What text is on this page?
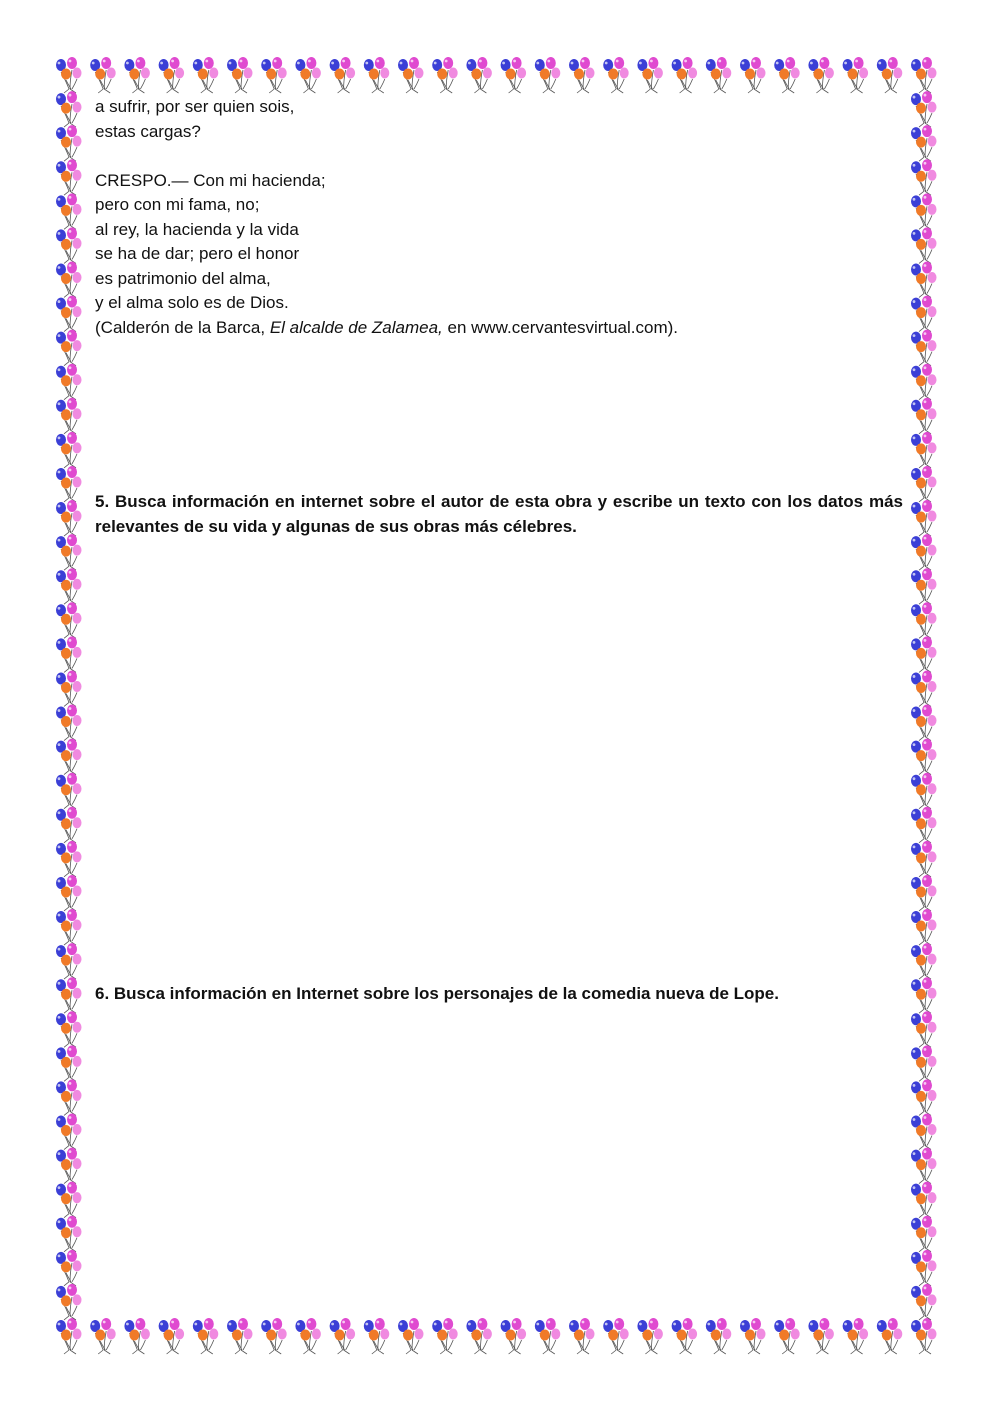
a sufrir, por ser quien sois,
estas cargas?
CRESPO.— Con mi hacienda;
pero con mi fama, no;
al rey, la hacienda y la vida
se ha de dar; pero el honor
es patrimonio del alma,
y el alma solo es de Dios.
(Calderón de la Barca, El alcalde de Zalamea, en www.cervantesvirtual.com).
5. Busca información en internet sobre el autor de esta obra y escribe un texto con los datos más relevantes de su vida y algunas de sus obras más célebres.
6. Busca información en Internet sobre los personajes de la comedia nueva de Lope.
